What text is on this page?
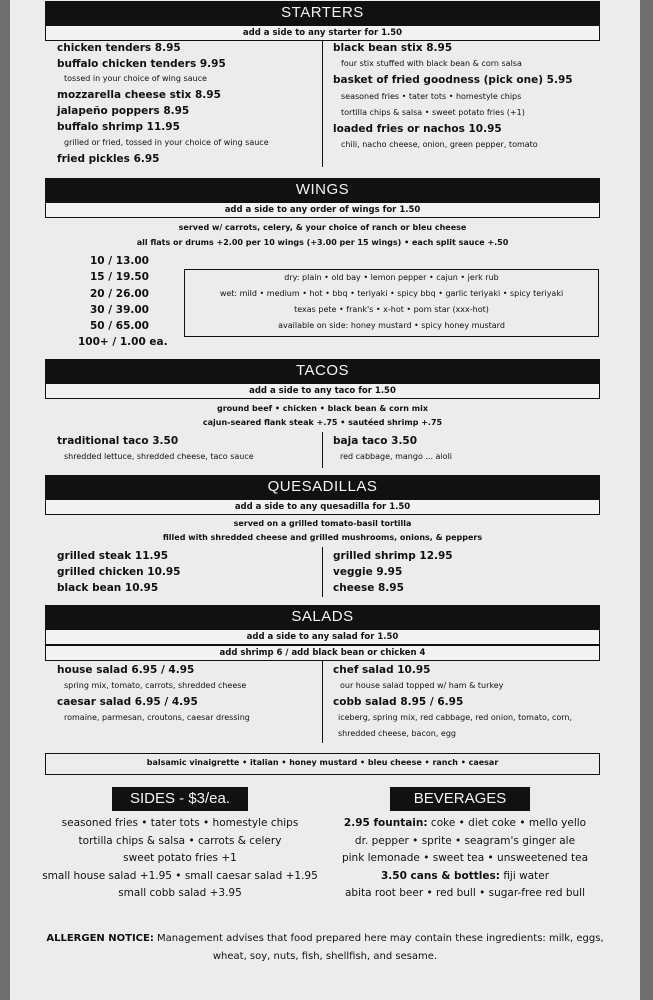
STARTERS
add a side to any starter for 1.50
chicken tenders 8.95
buffalo chicken tenders 9.95
tossed in your choice of wing sauce
mozzarella cheese stix 8.95
jalapeño poppers 8.95
buffalo shrimp 11.95
grilled or fried, tossed in your choice of wing sauce
fried pickles 6.95
black bean stix 8.95
four stix stuffed with black bean & corn salsa
basket of fried goodness (pick one) 5.95
seasoned fries • tater tots • homestyle chips
tortilla chips & salsa • sweet potato fries (+1)
loaded fries or nachos 10.95
chili, nacho cheese, onion, green pepper, tomato
WINGS
add a side to any order of wings for 1.50
served w/ carrots, celery, & your choice of ranch or bleu cheese
all flats or drums +2.00 per 10 wings (+3.00 per 15 wings) • each split sauce +.50
10 / 13.00
15 / 19.50
20 / 26.00
30 / 39.00
50 / 65.00
100+ / 1.00 ea.
dry: plain • old bay • lemon pepper • cajun • jerk rub
wet: mild • medium • hot • bbq • teriyaki • spicy bbq • garlic teriyaki • spicy teriyaki
texas pete • frank's • x-hot • porn star (xxx-hot)
available on side: honey mustard • spicy honey mustard
TACOS
add a side to any taco for 1.50
ground beef • chicken • black bean & corn mix
cajun-seared flank steak +.75 • sautéed shrimp +.75
traditional taco 3.50
shredded lettuce, shredded cheese, taco sauce
baja taco 3.50
red cabbage, mango ... aioli
QUESADILLAS
add a side to any quesadilla for 1.50
served on a grilled tomato-basil tortilla
filled with shredded cheese and grilled mushrooms, onions, & peppers
grilled steak 11.95
grilled chicken 10.95
black bean 10.95
grilled shrimp 12.95
veggie 9.95
cheese 8.95
SALADS
add a side to any salad for 1.50
add shrimp 6 / add black bean or chicken 4
house salad 6.95 / 4.95
spring mix, tomato, carrots, shredded cheese
caesar salad 6.95 / 4.95
romaine, parmesan, croutons, caesar dressing
chef salad 10.95
our house salad topped w/ ham & turkey
cobb salad 8.95 / 6.95
iceberg, spring mix, red cabbage, red onion, tomato, corn,
shredded cheese, bacon, egg
balsamic vinaigrette • italian • honey mustard • bleu cheese • ranch • caesar
SIDES - $3/ea.	BEVERAGES
seasoned fries • tater tots • homestyle chips
tortilla chips & salsa • carrots & celery
sweet potato fries +1
small house salad +1.95 • small caesar salad +1.95
small cobb salad +3.95
2.95 fountain: coke • diet coke • mello yello
dr. pepper • sprite • seagram's ginger ale
pink lemonade • sweet tea • unsweetened tea
3.50 cans & bottles: fiji water
abita root beer • red bull • sugar-free red bull
ALLERGEN NOTICE: Management advises that food prepared here may contain these ingredients: milk, eggs,
wheat, soy, nuts, fish, shellfish, and sesame.
